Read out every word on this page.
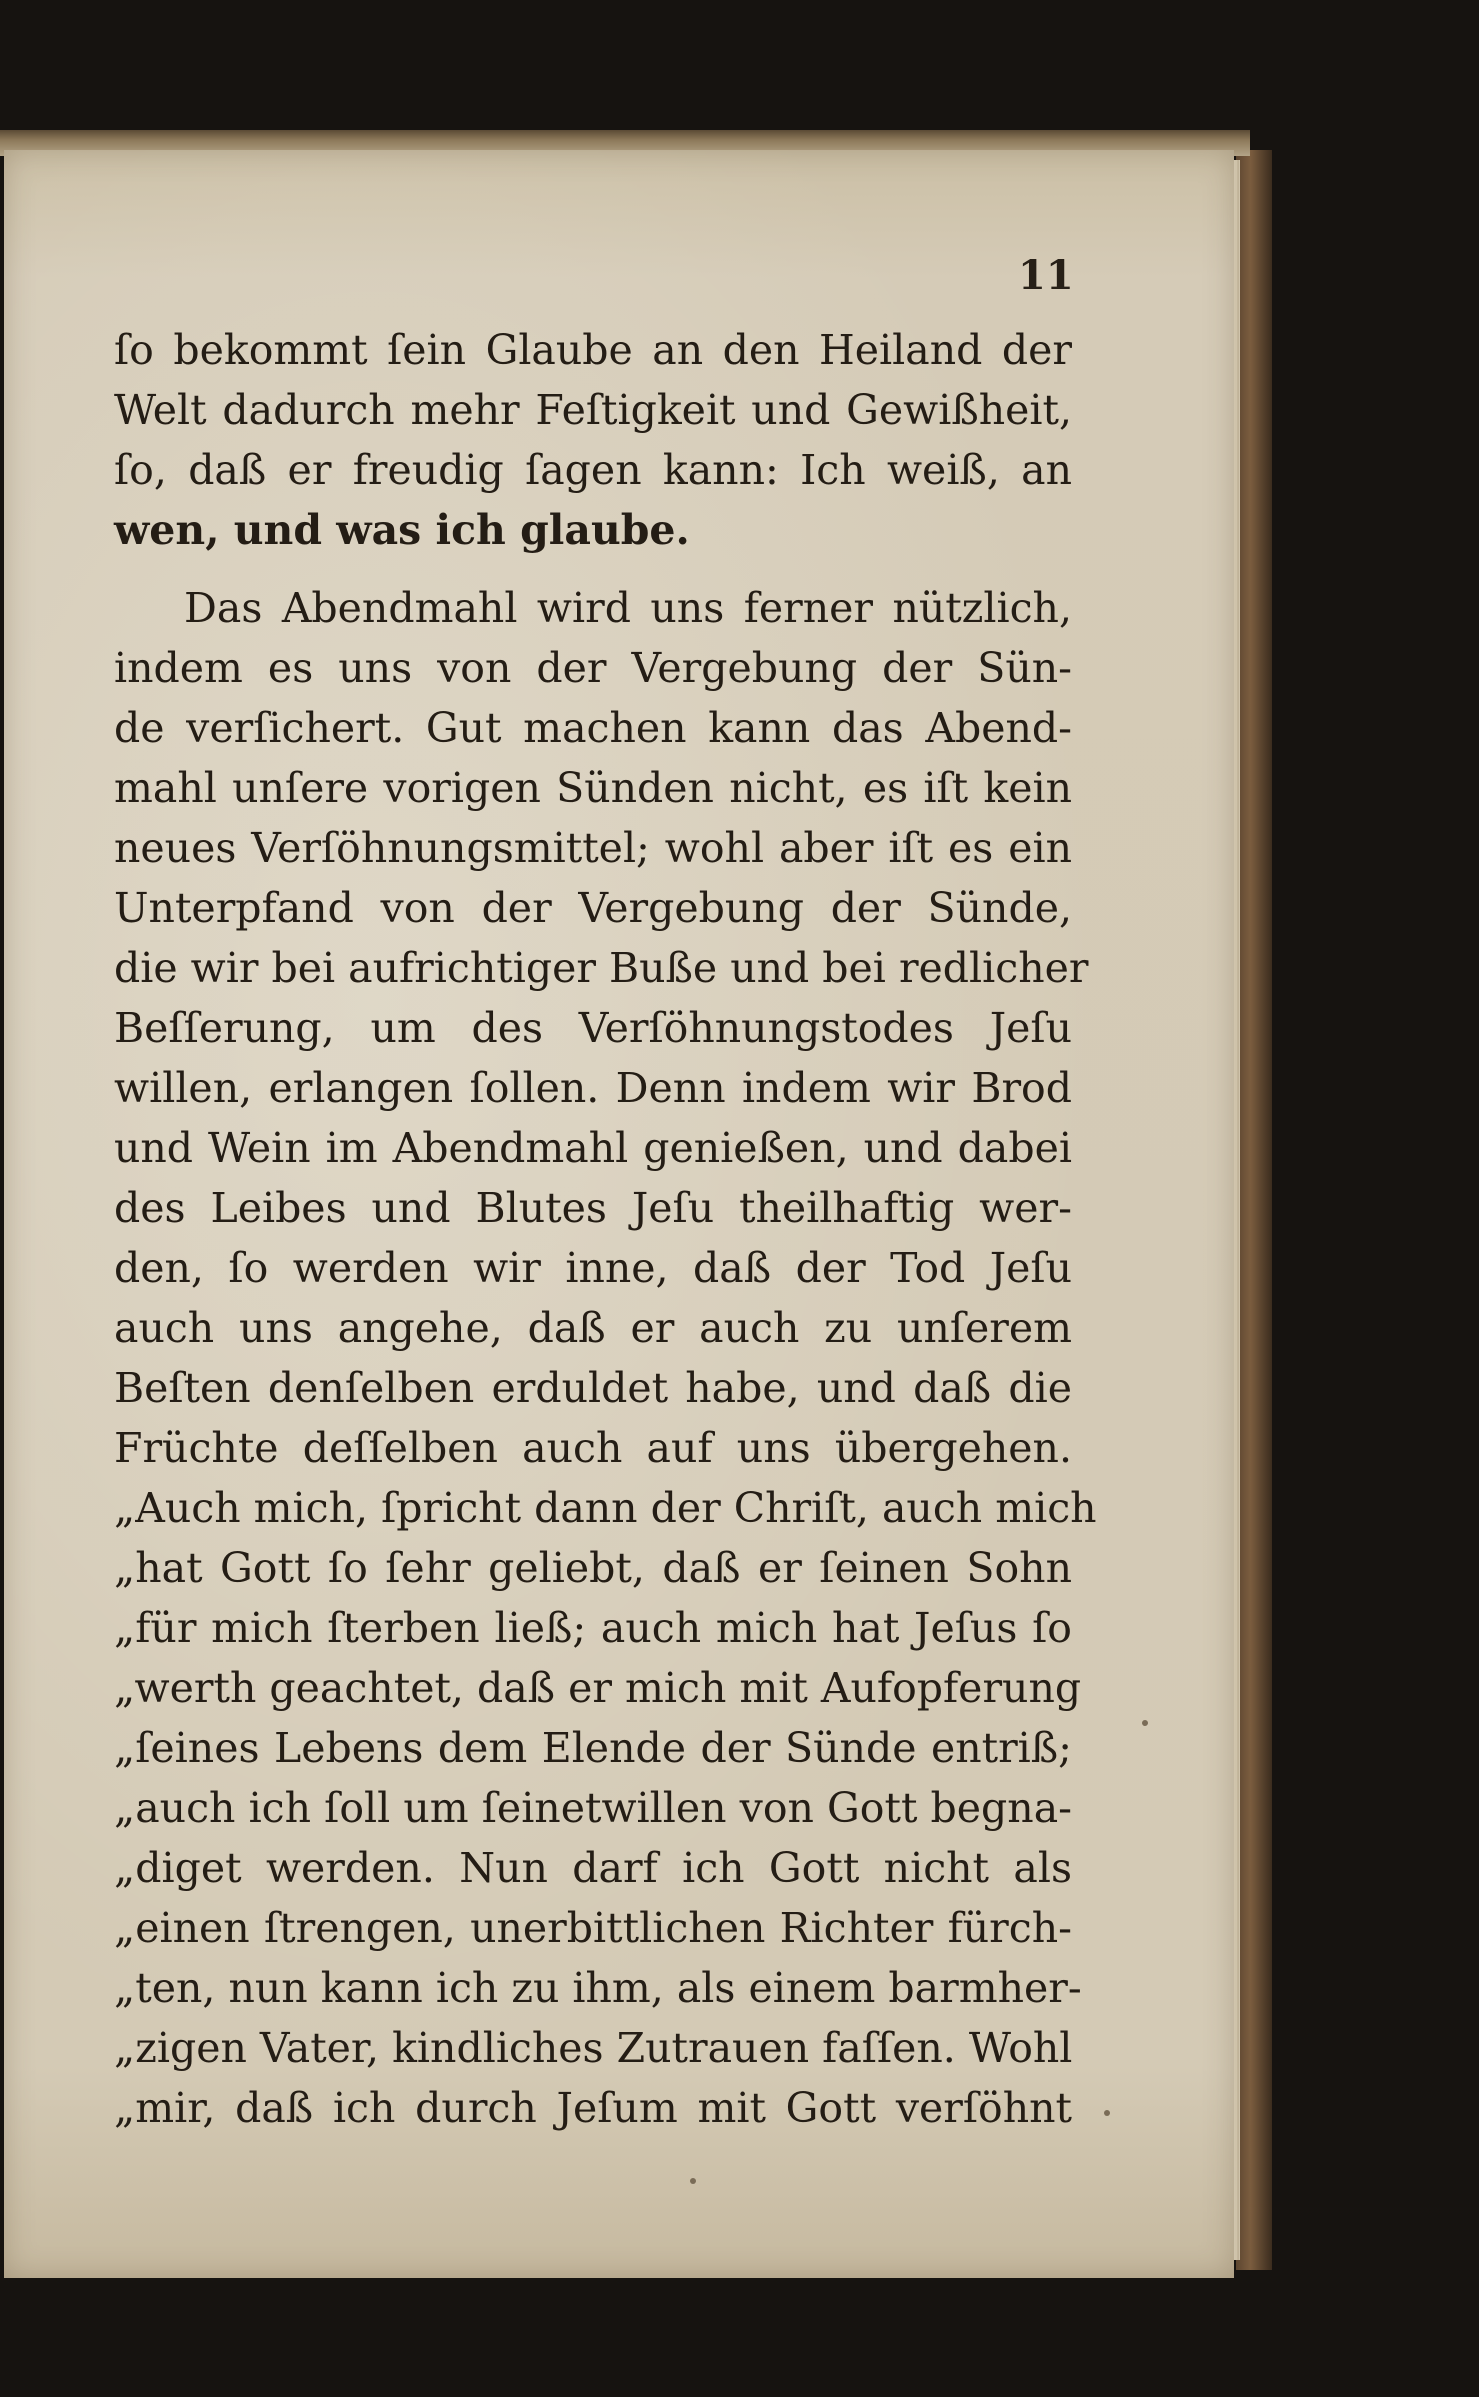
11
ſo bekommt ſein Glaube an den Heiland der
Welt dadurch mehr Feſtigkeit und Gewißheit,
ſo, daß er freudig ſagen kann: Ich weiß, an
wen, und was ich glaube.
Das Abendmahl wird uns ferner nützlich,
indem es uns von der Vergebung der Sün-
de verſichert. Gut machen kann das Abend-
mahl unſere vorigen Sünden nicht, es iſt kein
neues Verſöhnungsmittel; wohl aber iſt es ein
Unterpfand von der Vergebung der Sünde,
die wir bei aufrichtiger Buße und bei redlicher
Beſſerung, um des Verſöhnungstodes Jeſu
willen, erlangen ſollen. Denn indem wir Brod
und Wein im Abendmahl genießen, und dabei
des Leibes und Blutes Jeſu theilhaftig wer-
den, ſo werden wir inne, daß der Tod Jeſu
auch uns angehe, daß er auch zu unſerem
Beſten denſelben erduldet habe, und daß die
Früchte deſſelben auch auf uns übergehen.
„Auch mich, ſpricht dann der Chriſt, auch mich
„hat Gott ſo ſehr geliebt, daß er ſeinen Sohn
„für mich ſterben ließ; auch mich hat Jeſus ſo
„werth geachtet, daß er mich mit Aufopferung
„ſeines Lebens dem Elende der Sünde entriß;
„auch ich ſoll um ſeinetwillen von Gott begna-
„diget werden. Nun darf ich Gott nicht als
„einen ſtrengen, unerbittlichen Richter fürch-
„ten, nun kann ich zu ihm, als einem barmher-
„zigen Vater, kindliches Zutrauen faſſen. Wohl
„mir, daß ich durch Jeſum mit Gott verſöhnt
